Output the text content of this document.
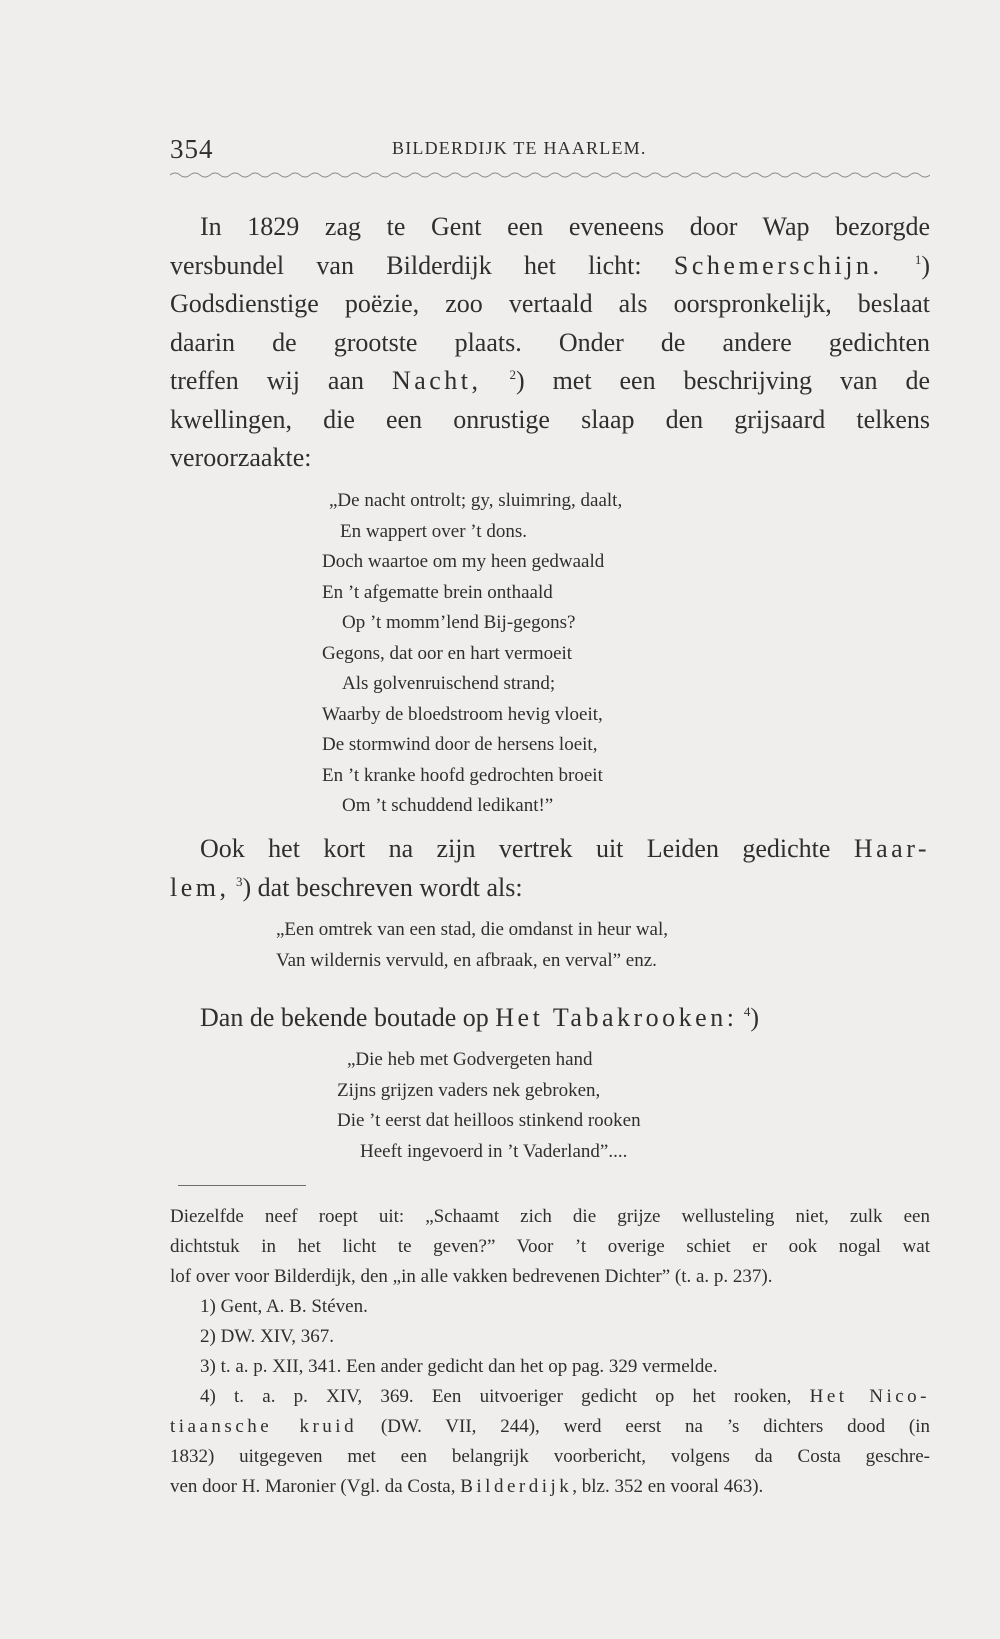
354	BILDERDIJK TE HAARLEM.

In 1829 zag te Gent een eveneens door Wap bezorgde

versbundel van Bilderdijk het licht: Schemerschijn. $^1$)

Godsdienstige poëzie, zoo vertaald als oorspronkelijk, beslaat

daarin de grootste plaats. Onder de andere gedichten

treffen wij aan Nacht, $^2$) met een beschrijving van de

kwellingen, die een onrustige slaap den grijsaard telkens

veroorzaakte:

„De nacht ontrolt; gy, sluimring, daalt,
En wappert over ’t dons.
Doch waartoe om my heen gedwaald
En ’t afgematte brein onthaald
Op ’t momm’lend Bij-gegons?
Gegons, dat oor en hart vermoeit
Als golvenruischend strand;
Waarby de bloedstroom hevig vloeit,
De stormwind door de hersens loeit,
En ’t kranke hoofd gedrochten broeit
Om ’t schuddend ledikant!”

Ook het kort na zijn vertrek uit Leiden gedichte Haar-

lem, $^3$) dat beschreven wordt als:

„Een omtrek van een stad, die omdanst in heur wal,
Van wildernis vervuld, en afbraak, en verval” enz.

Dan de bekende boutade op Het Tabakrooken: $^4$)

„Die heb met Godvergeten hand
Zijns grijzen vaders nek gebroken,
Die ’t eerst dat heilloos stinkend rooken
Heeft ingevoerd in ’t Vaderland”....

Diezelfde neef roept uit: „Schaamt zich die grijze wellusteling niet, zulk een

dichtstuk in het licht te geven?” Voor ’t overige schiet er ook nogal wat

lof over voor Bilderdijk, den „in alle vakken bedrevenen Dichter” (t. a. p. 237).

1) Gent, A. B. Stéven.

2) DW. XIV, 367.

3) t. a. p. XII, 341. Een ander gedicht dan het op pag. 329 vermelde.

4) t. a. p. XIV, 369. Een uitvoeriger gedicht op het rooken, Het Nico-

tiaansche kruid (DW. VII, 244), werd eerst na ’s dichters dood (in

1832) uitgegeven met een belangrijk voorbericht, volgens da Costa geschre-

ven door H. Maronier (Vgl. da Costa, Bilderdijk, blz. 352 en vooral 463).
